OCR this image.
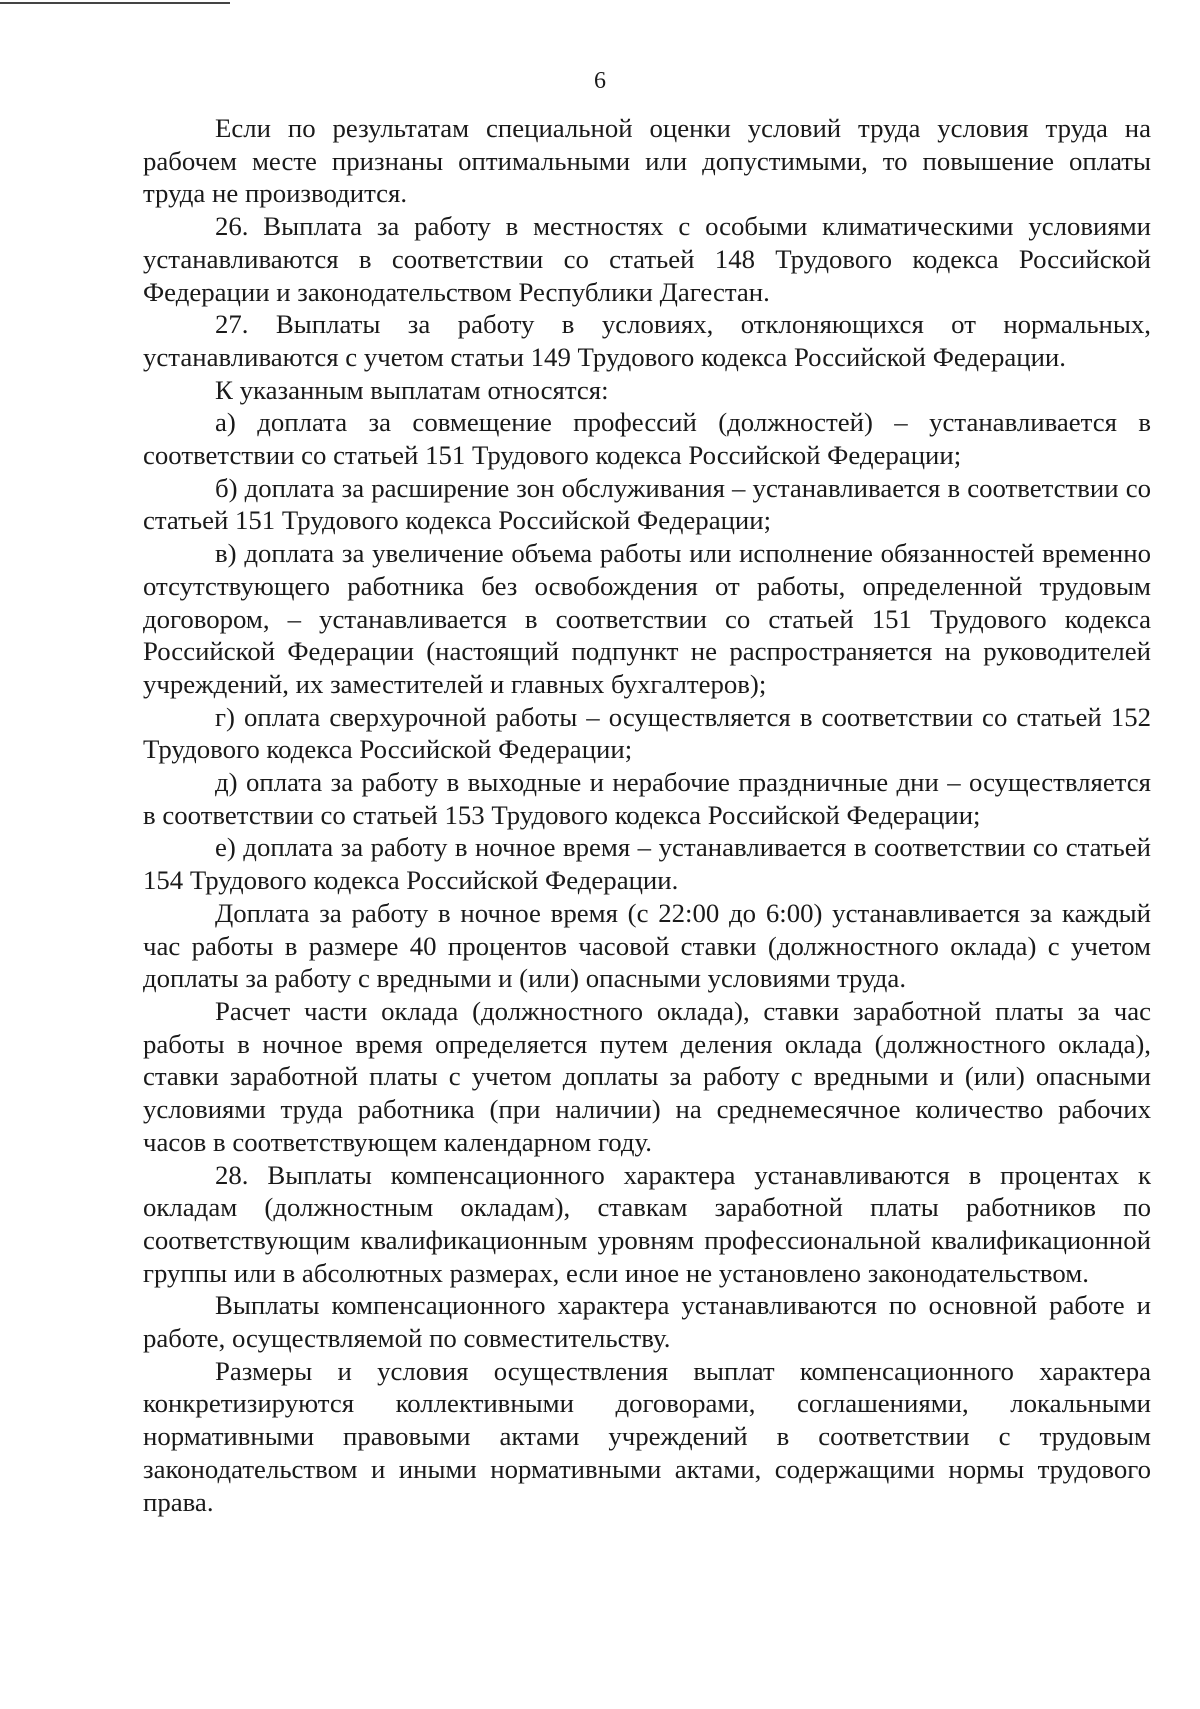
6

Если по результатам специальной оценки условий труда условия труда на рабочем месте признаны оптимальными или допустимыми, то повышение оплаты труда не производится.

26. Выплата за работу в местностях с особыми климатическими условиями устанавливаются в соответствии со статьей 148 Трудового кодекса Российской Федерации и законодательством Республики Дагестан.

27. Выплаты за работу в условиях, отклоняющихся от нормальных, устанавливаются с учетом статьи 149 Трудового кодекса Российской Федерации.

К указанным выплатам относятся:

а) доплата за совмещение профессий (должностей) – устанавливается в соответствии со статьей 151 Трудового кодекса Российской Федерации;

б) доплата за расширение зон обслуживания – устанавливается в соответствии со статьей 151 Трудового кодекса Российской Федерации;

в) доплата за увеличение объема работы или исполнение обязанностей временно отсутствующего работника без освобождения от работы, определенной трудовым договором, – устанавливается в соответствии со статьей 151 Трудового кодекса Российской Федерации (настоящий подпункт не распространяется на руководителей учреждений, их заместителей и главных бухгалтеров);

г) оплата сверхурочной работы – осуществляется в соответствии со статьей 152 Трудового кодекса Российской Федерации;

д) оплата за работу в выходные и нерабочие праздничные дни – осуществляется в соответствии со статьей 153 Трудового кодекса Российской Федерации;

е) доплата за работу в ночное время – устанавливается в соответствии со статьей 154 Трудового кодекса Российской Федерации.

Доплата за работу в ночное время (с 22:00 до 6:00) устанавливается за каждый час работы в размере 40 процентов часовой ставки (должностного оклада) с учетом доплаты за работу с вредными и (или) опасными условиями труда.

Расчет части оклада (должностного оклада), ставки заработной платы за час работы в ночное время определяется путем деления оклада (должностного оклада), ставки заработной платы с учетом доплаты за работу с вредными и (или) опасными условиями труда работника (при наличии) на среднемесячное количество рабочих часов в соответствующем календарном году.

28. Выплаты компенсационного характера устанавливаются в процентах к окладам (должностным окладам), ставкам заработной платы работников по соответствующим квалификационным уровням профессиональной квалификационной группы или в абсолютных размерах, если иное не установлено законодательством.

Выплаты компенсационного характера устанавливаются по основной работе и работе, осуществляемой по совместительству.

Размеры и условия осуществления выплат компенсационного характера конкретизируются коллективными договорами, соглашениями, локальными нормативными правовыми актами учреждений в соответствии с трудовым законодательством и иными нормативными актами, содержащими нормы трудового права.
